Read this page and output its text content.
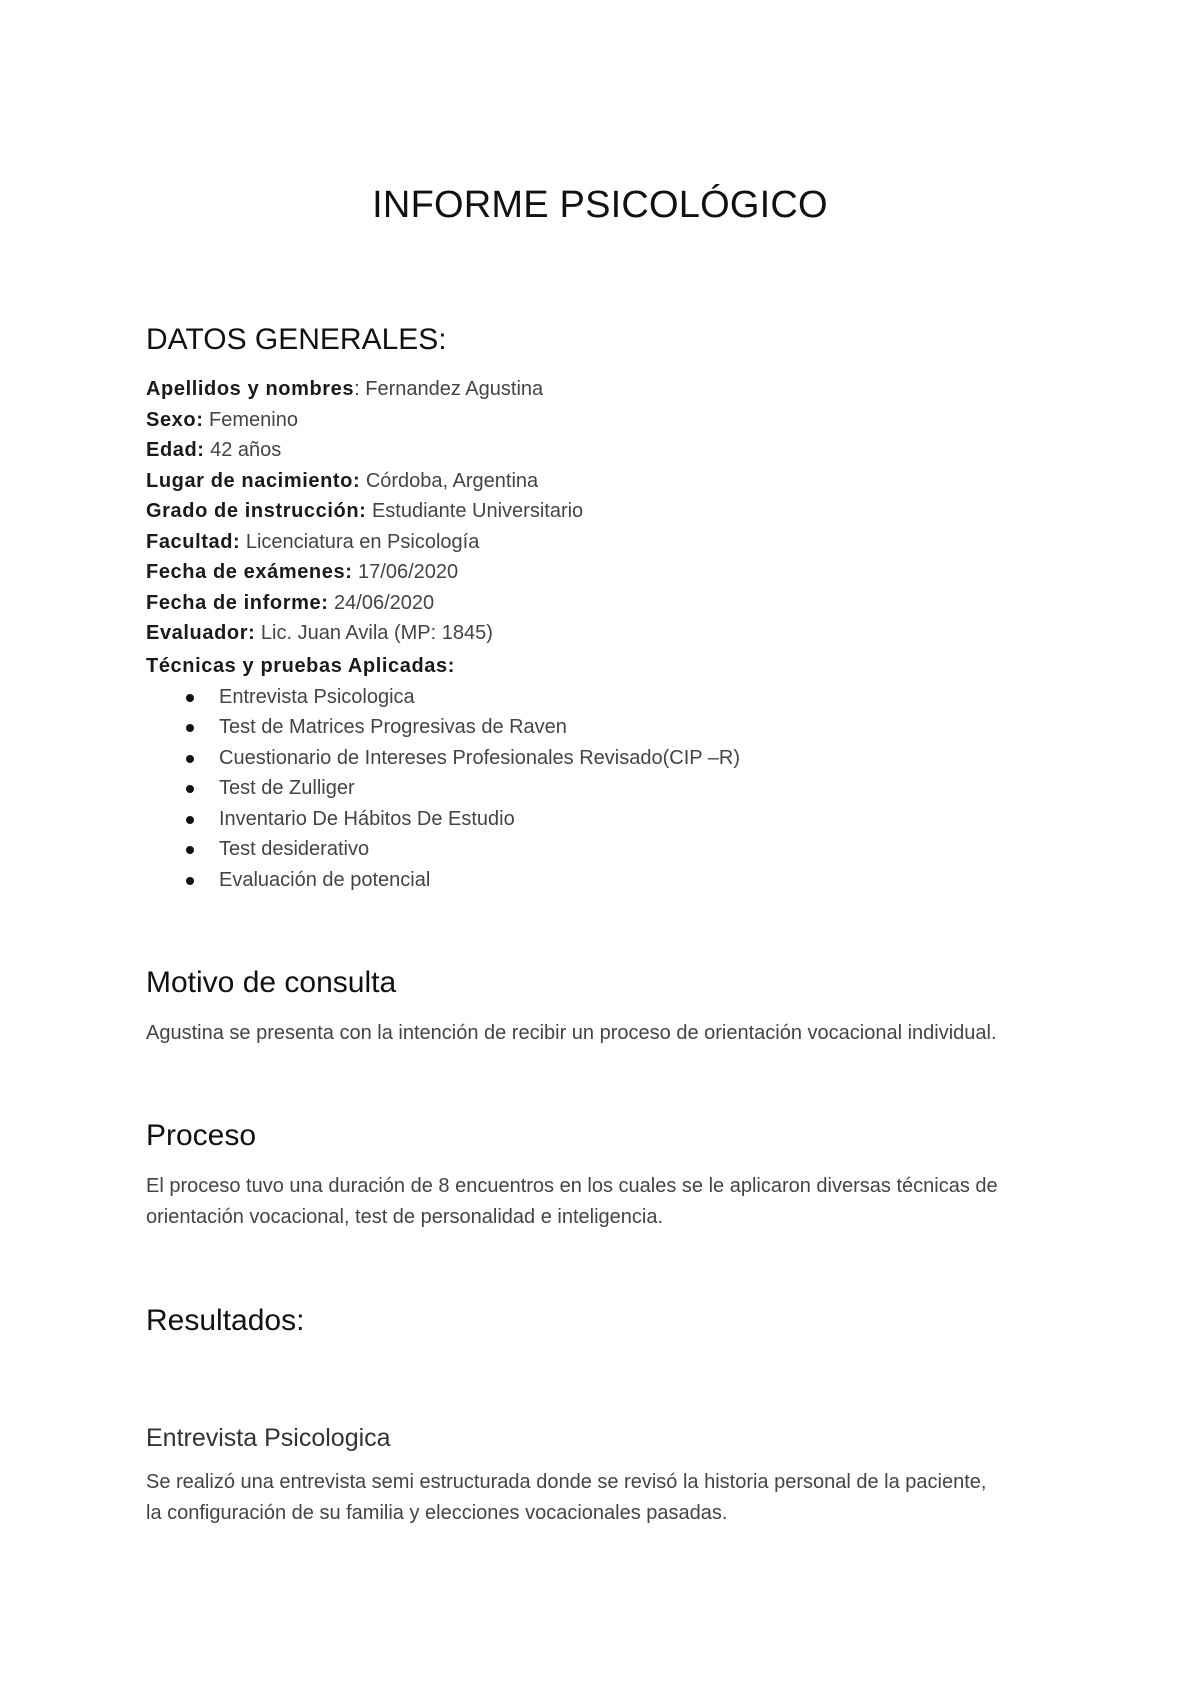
INFORME PSICOLÓGICO
DATOS GENERALES:
Apellidos y nombres: Fernandez Agustina
Sexo: Femenino
Edad: 42 años
Lugar de nacimiento: Córdoba, Argentina
Grado de instrucción: Estudiante Universitario
Facultad: Licenciatura en Psicología
Fecha de exámenes: 17/06/2020
Fecha de informe: 24/06/2020
Evaluador: Lic. Juan Avila (MP: 1845)
Técnicas y pruebas Aplicadas:
Entrevista Psicologica
Test de Matrices Progresivas de Raven
Cuestionario de Intereses Profesionales Revisado(CIP –R)
Test de Zulliger
Inventario De Hábitos De Estudio
Test desiderativo
Evaluación de potencial
Motivo de consulta

Agustina se presenta con la intención de recibir un proceso de orientación vocacional individual.

Proceso

El proceso tuvo una duración de 8 encuentros en los cuales se le aplicaron diversas técnicas de orientación vocacional, test de personalidad e inteligencia.

Resultados:
Entrevista Psicologica

Se realizó una entrevista semi estructurada donde se revisó la historia personal de la paciente, la configuración de su familia y elecciones vocacionales pasadas.
